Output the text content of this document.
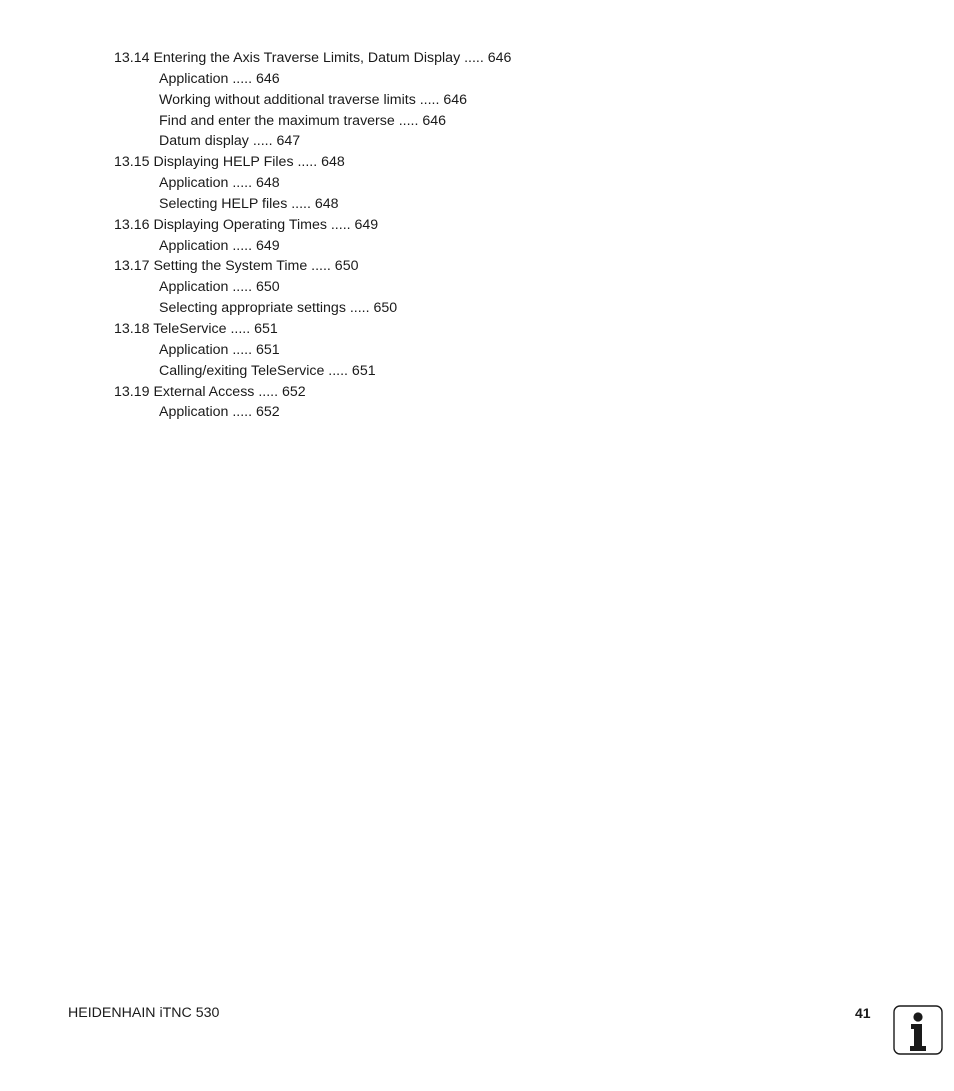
13.14 Entering the Axis Traverse Limits, Datum Display ..... 646
Application ..... 646
Working without additional traverse limits ..... 646
Find and enter the maximum traverse ..... 646
Datum display ..... 647
13.15 Displaying HELP Files ..... 648
Application ..... 648
Selecting HELP files ..... 648
13.16 Displaying Operating Times ..... 649
Application ..... 649
13.17 Setting the System Time ..... 650
Application ..... 650
Selecting appropriate settings ..... 650
13.18 TeleService ..... 651
Application ..... 651
Calling/exiting TeleService ..... 651
13.19 External Access ..... 652
Application ..... 652
HEIDENHAIN iTNC 530	41
